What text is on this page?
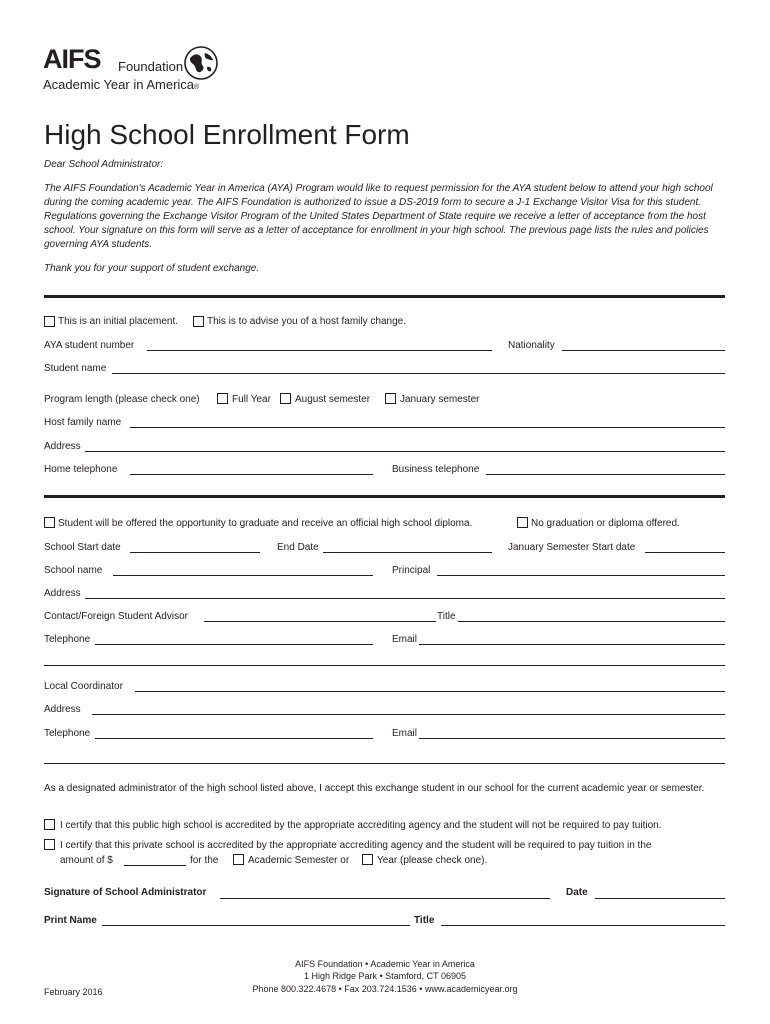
AIFS Foundation
Academic Year in America®
High School Enrollment Form
Dear School Administrator:
The AIFS Foundation's Academic Year in America (AYA) Program would like to request permission for the AYA student below to attend your high school during the coming academic year. The AIFS Foundation is authorized to issue a DS-2019 form to secure a J-1 Exchange Visitor Visa for this student. Regulations governing the Exchange Visitor Program of the United States Department of State require we receive a letter of acceptance from the host school. Your signature on this form will serve as a letter of acceptance for enrollment in your high school. The previous page lists the rules and policies governing AYA students.
Thank you for your support of student exchange.
This is an initial placement.	This is to advise you of a host family change.
AYA student number	Nationality
Student name
Program length (please check one)	Full Year August semester	January semester
Host family name
Address
Home telephone	Business telephone
Student will be offered the opportunity to graduate and receive an official high school diploma.	No graduation or diploma offered.
School Start date	End Date	January Semester Start date
School name	Principal
Address
Contact/Foreign Student Advisor	Title
Telephone	Email
Local Coordinator
Address
Telephone	Email
As a designated administrator of the high school listed above, I accept this exchange student in our school for the current academic year or semester.
I certify that this public high school is accredited by the appropriate accrediting agency and the student will not be required to pay tuition.
I certify that this private school is accredited by the appropriate accrediting agency and the student will be required to pay tuition in the
amount of $	for the	Academic Semester or	Year (please check one).
Signature of School Administrator	Date
Print Name	Title
AIFS Foundation • Academic Year in America
1 High Ridge Park • Stamford, CT 06905
Phone 800.322.4678 • Fax 203.724.1536 • www.academicyear.org
February 2016
